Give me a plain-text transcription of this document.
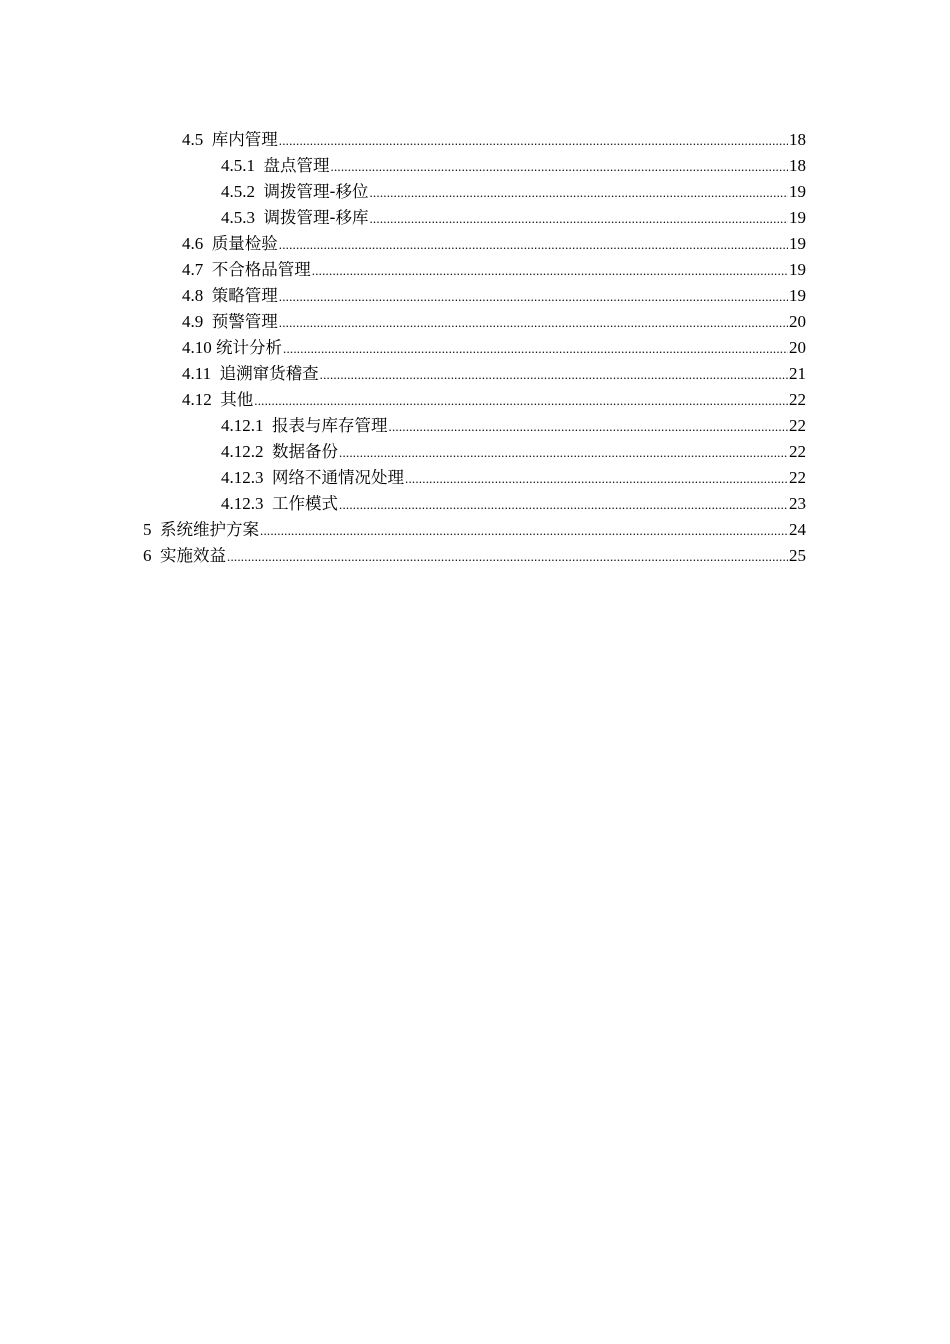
4.5 库内管理 .....	18
4.5.1 盘点管理 .....	18
4.5.2 调拨管理-移位 .....	19
4.5.3 调拨管理-移库 .....	19
4.6 质量检验 .....	19
4.7 不合格品管理 .....	19
4.8 策略管理 .....	19
4.9 预警管理 .....	20
4.10 统计分析 .....	20
4.11 追溯窜货稽查 .....	21
4.12 其他 .....	22
4.12.1 报表与库存管理 .....	22
4.12.2 数据备份 .....	22
4.12.3 网络不通情况处理 .....	22
4.12.3 工作模式 .....	23
5 系统维护方案 .....	24
6 实施效益 .....	25
